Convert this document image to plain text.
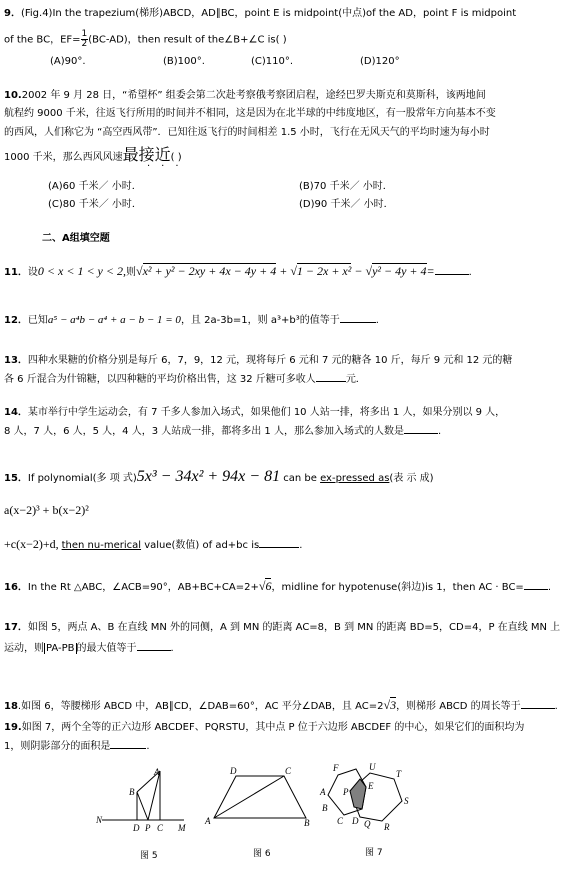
9．(Fig.4)In the trapezium(梯形)ABCD，AD∥BC，point E is midpoint(中点)of the AD，point F is midpoint
of the BC，$EF= \frac{1}{2} (BC-AD)$，then result of the∠B+∠C is( )
(A)90°.	(B)100°.	(C)110°.	(D)120°
10.2002 年 9 月 28 日，“希望杯” 组委会第二次赴考察俄考察团启程，途经巴罗夫斯克和莫斯科，该两地间
航程约 9000 千米，往返飞行所用的时间并不相同，这是因为在北半球的中纬度地区，有一股常年方向基本不变
的西风，人们称它为 “高空西风带”．已知往返飞行的时间相差 1.5 小时，飞行在无风天气的平均时速为每小时
1000 千米，那么西风风速最接近( )
···
(A)60 千米／ 小时．	(B)70 千米／ 小时．
(C)80 千米／ 小时．	(D)90 千米／ 小时．
二、A组填空题
11．设0 < x < 1 < y < 2,则√x² + y² − 2xy + 4x − 4y + 4 + √1 − 2x + x² − √y² − 4y + 4=	.
12．已知a⁵ − a⁴b − a⁴ + a − b − 1 = 0，且 2a-3b=1，则 a³+b³的值等于	.
13．四种水果糖的价格分别是每斤 6，7，9，12 元，现将每斤 6 元和 7 元的糖各 10 斤，每斤 9 元和 12 元的糖
各 6 斤混合为什锦糖，以四种糖的平均价格出售，这 32 斤糖可多收人	元．
14．某市举行中学生运动会，有 7 千多人参加入场式，如果他们 10 人站一排，将多出 1 人，如果分别以 9 人，
8 人，7 人，6 人，5 人，4 人，3 人站成一排，都将多出 1 人，那么参加入场式的人数是	.
15．If polynomial(多 项 式)5x³ − 34x² + 94x − 81 can be ex-pressed as(表 示 成)
a(x−2)³ + b(x−2)²
+c(x−2)+d, then nu-merical value(数值) of ad+bc is	.
16．In the Rt △ABC，∠ACB=90°，AB+BC+CA=2+√6，midline for hypotenuse(斜边)is 1，then AC · BC= .
17．如图 5，两点 A、B 在直线 MN 外的同侧，A 到 MN 的距离 AC=8，B 到 MN 的距离 BD=5，CD=4，P 在直线 MN 上
运动，则 PA-PB 的最大值等于	.
18.如图 6，等腰梯形 ABCD 中，AB∥CD，∠DAB=60°，AC 平分∠DAB，且 AC=2√3，则梯形 ABCD 的周长等于	.
19.如图 7，两个全等的正六边形 ABCDEF、PQRSTU，其中点 P 位于六边形 ABCDEF 的中心，如果它们的面积均为
1，则阴影部分的面积是	.
A
B
N
D P C M
图 5
D	C
A	B
图 6
F	U
T
A
E
P
S
B
C D Q R
图 7
